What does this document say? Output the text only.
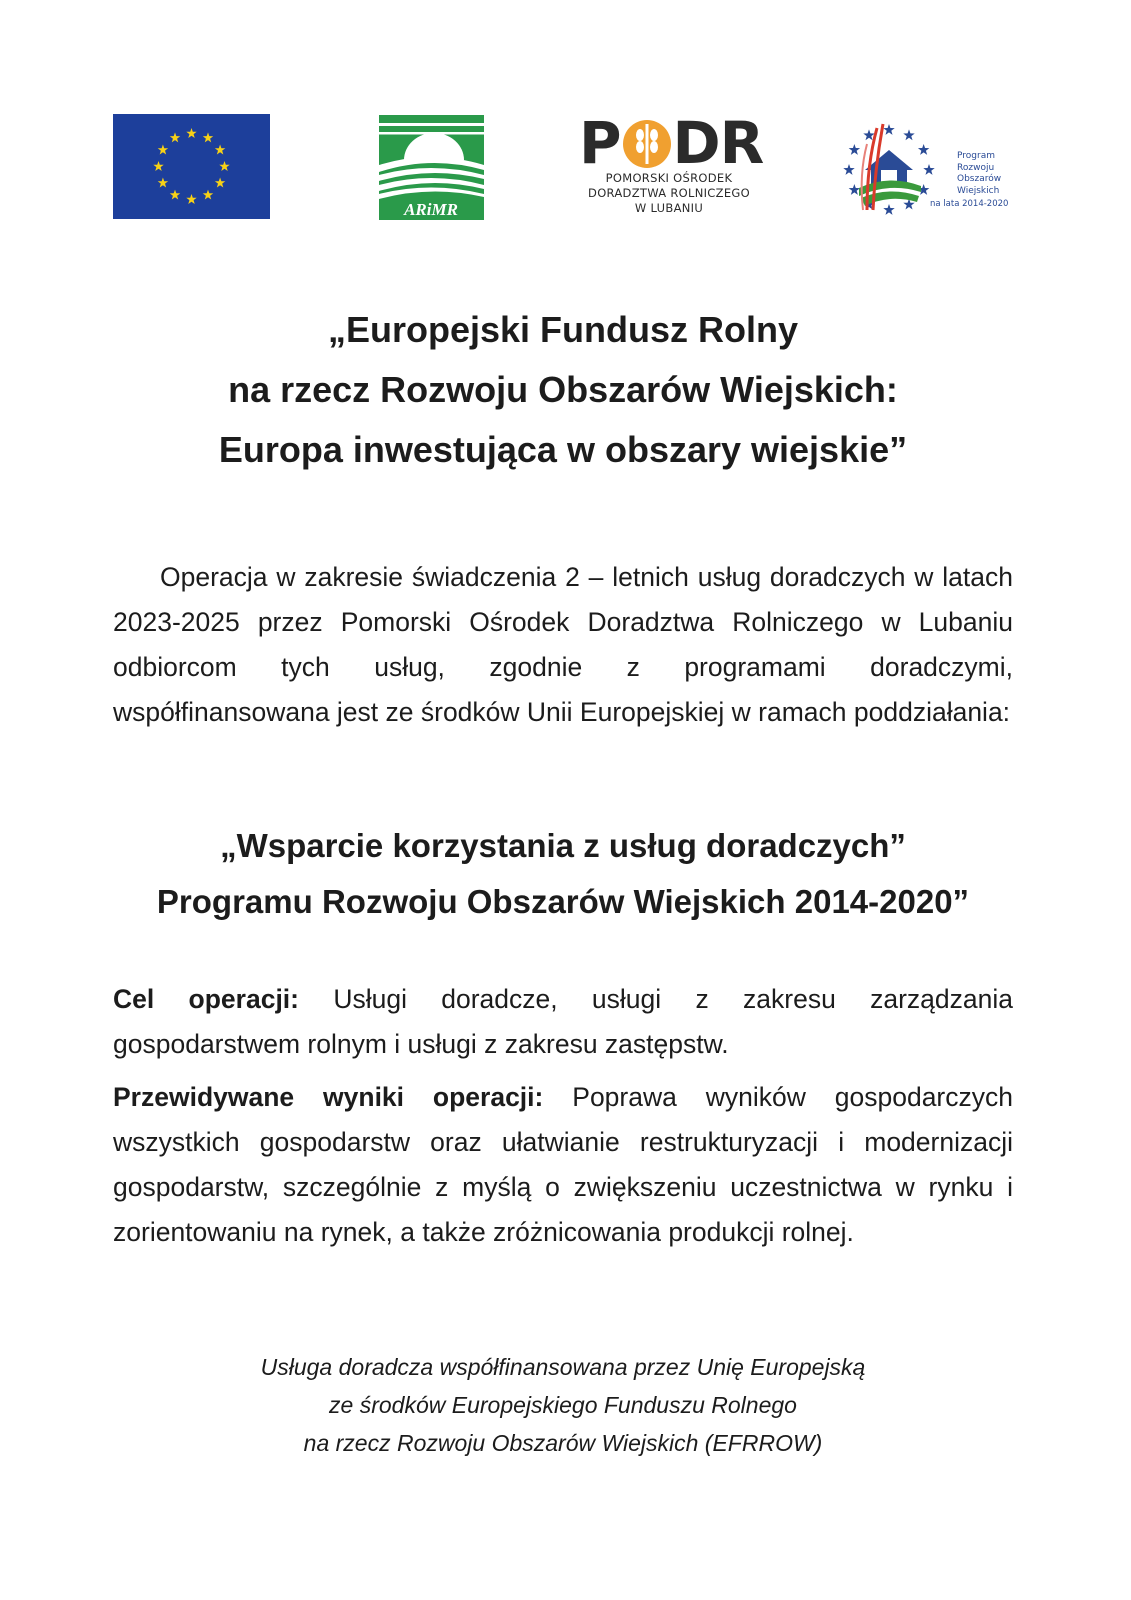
ARiMR
P DR
POMORSKI OŚRODEK
DORADZTWA ROLNICZEGO
W LUBANIU
Program
Rozwoju
Obszarów
Wiejskich
na lata 2014-2020
„Europejski Fundusz Rolny
na rzecz Rozwoju Obszarów Wiejskich:
Europa inwestująca w obszary wiejskie”
Operacja w zakresie świadczenia 2 – letnich usług doradczych w latach 2023-2025 przez Pomorski Ośrodek Doradztwa Rolniczego w Lubaniu odbiorcom tych usług, zgodnie z programami doradczymi, współfinansowana jest ze środków Unii Europejskiej w ramach poddziałania:
„Wsparcie korzystania z usług doradczych”
Programu Rozwoju Obszarów Wiejskich 2014-2020”
Cel operacji: Usługi doradcze, usługi z zakresu zarządzania gospodarstwem rolnym i usługi z zakresu zastępstw.
Przewidywane wyniki operacji: Poprawa wyników gospodarczych wszystkich gospodarstw oraz ułatwianie restrukturyzacji i modernizacji gospodarstw, szczególnie z myślą o zwiększeniu uczestnictwa w rynku i zorientowaniu na rynek, a także zróżnicowania produkcji rolnej.
Usługa doradcza współfinansowana przez Unię Europejską
ze środków Europejskiego Funduszu Rolnego
na rzecz Rozwoju Obszarów Wiejskich (EFRROW)
